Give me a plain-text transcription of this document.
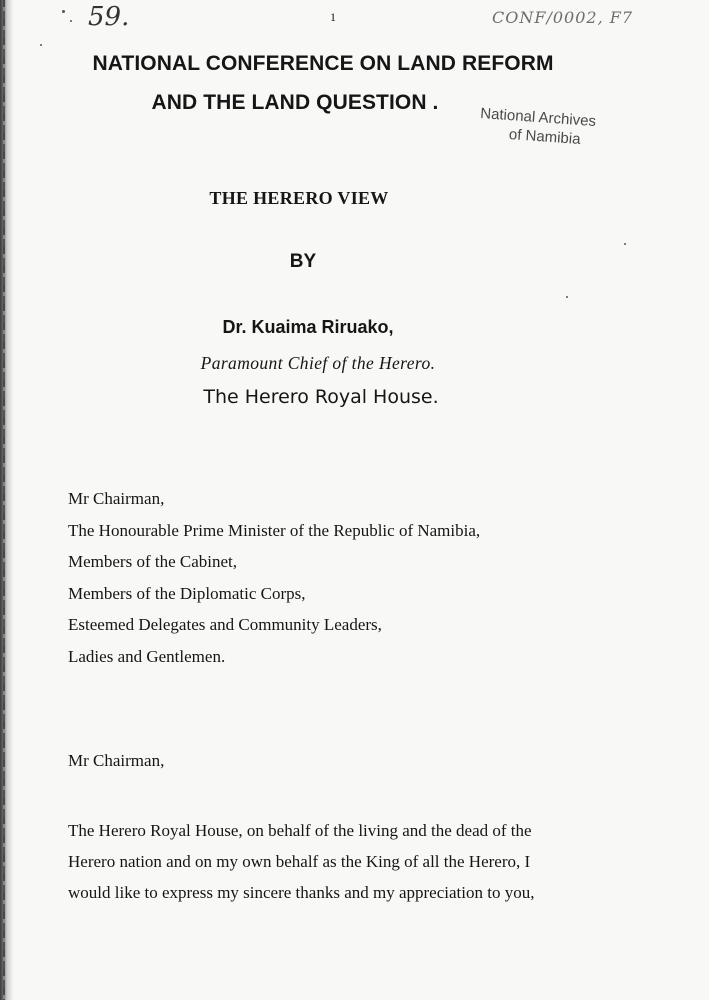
59.	CONF/0002, F7
1
NATIONAL CONFERENCE ON LAND REFORM
AND THE LAND QUESTION .
National Archives
of Namibia
THE HERERO VIEW
BY
Dr. Kuaima Riruako,
Paramount Chief of the Herero.
The Herero Royal House.
Mr Chairman,
The Honourable Prime Minister of the Republic of Namibia,
Members of the Cabinet,
Members of the Diplomatic Corps,
Esteemed Delegates and Community Leaders,
Ladies and Gentlemen.
Mr Chairman,
The Herero Royal House, on behalf of the living and the dead of the
Herero nation and on my own behalf as the King of all the Herero, I
would like to express my sincere thanks and my appreciation to you,
